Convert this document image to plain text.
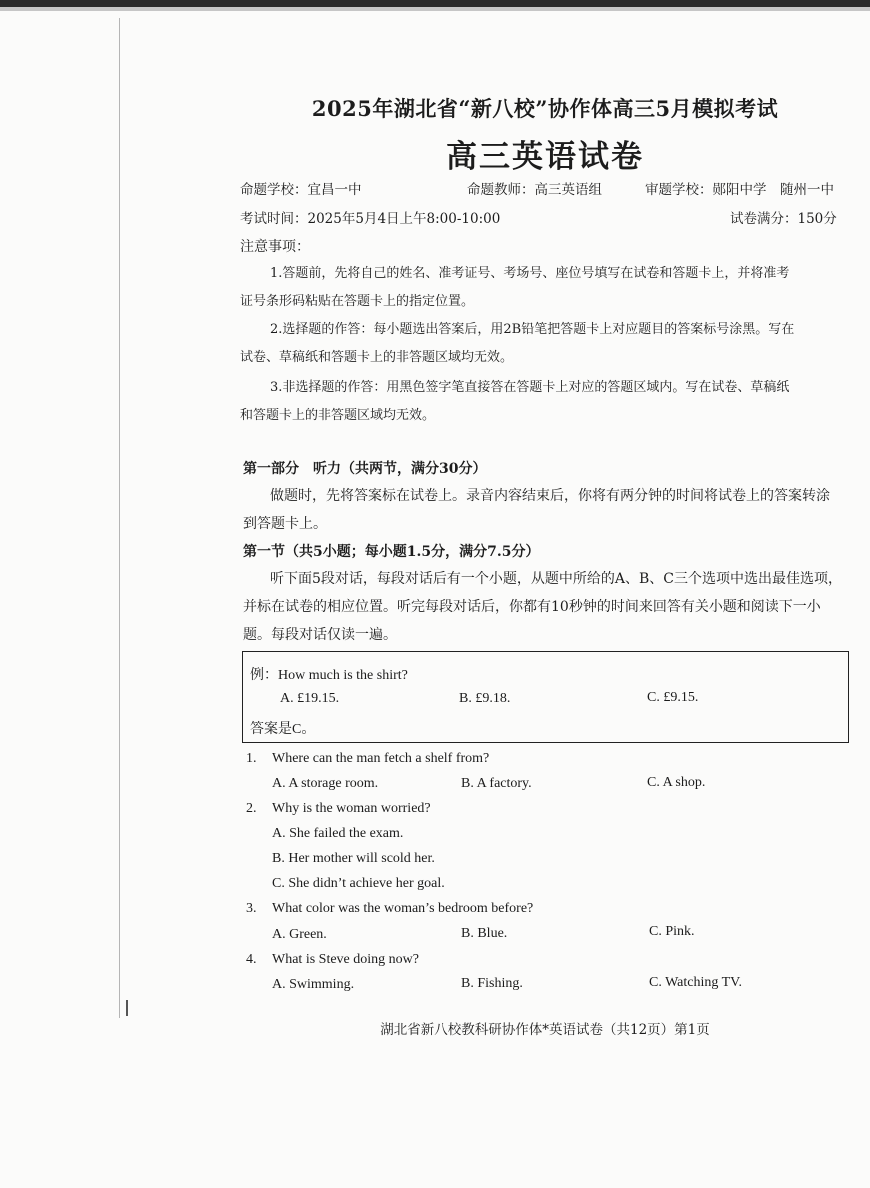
2025年湖北省“新八校”协作体高三5月模拟考试
高三英语试卷
命题学校：宜昌一中	命题教师：高三英语组	审题学校：郧阳中学　随州一中
考试时间：2025年5月4日上午8:00-10:00	试卷满分：150分
注意事项：
1.答题前，先将自己的姓名、准考证号、考场号、座位号填写在试卷和答题卡上，并将准考
证号条形码粘贴在答题卡上的指定位置。
2.选择题的作答：每小题选出答案后，用2B铅笔把答题卡上对应题目的答案标号涂黑。写在
试卷、草稿纸和答题卡上的非答题区域均无效。
3.非选择题的作答：用黑色签字笔直接答在答题卡上对应的答题区域内。写在试卷、草稿纸
和答题卡上的非答题区域均无效。
第一部分　听力（共两节，满分30分）
做题时，先将答案标在试卷上。录音内容结束后，你将有两分钟的时间将试卷上的答案转涂
到答题卡上。
第一节（共5小题；每小题1.5分，满分7.5分）
听下面5段对话，每段对话后有一个小题，从题中所给的A、B、C三个选项中选出最佳选项，
并标在试卷的相应位置。听完每段对话后，你都有10秒钟的时间来回答有关小题和阅读下一小
题。每段对话仅读一遍。
例：How much is the shirt?
A. £19.15.	B. £9.18.	C. £9.15.
答案是C。
1. Where can the man fetch a shelf from?
A. A storage room.	B. A factory.	C. A shop.
2. Why is the woman worried?
A. She failed the exam.
B. Her mother will scold her.
C. She didn’t achieve her goal.
3. What color was the woman’s bedroom before?
A. Green.	B. Blue.	C. Pink.
4. What is Steve doing now?
A. Swimming.	B. Fishing.	C. Watching TV.
湖北省新八校教科研协作体*英语试卷（共12页）第1页
